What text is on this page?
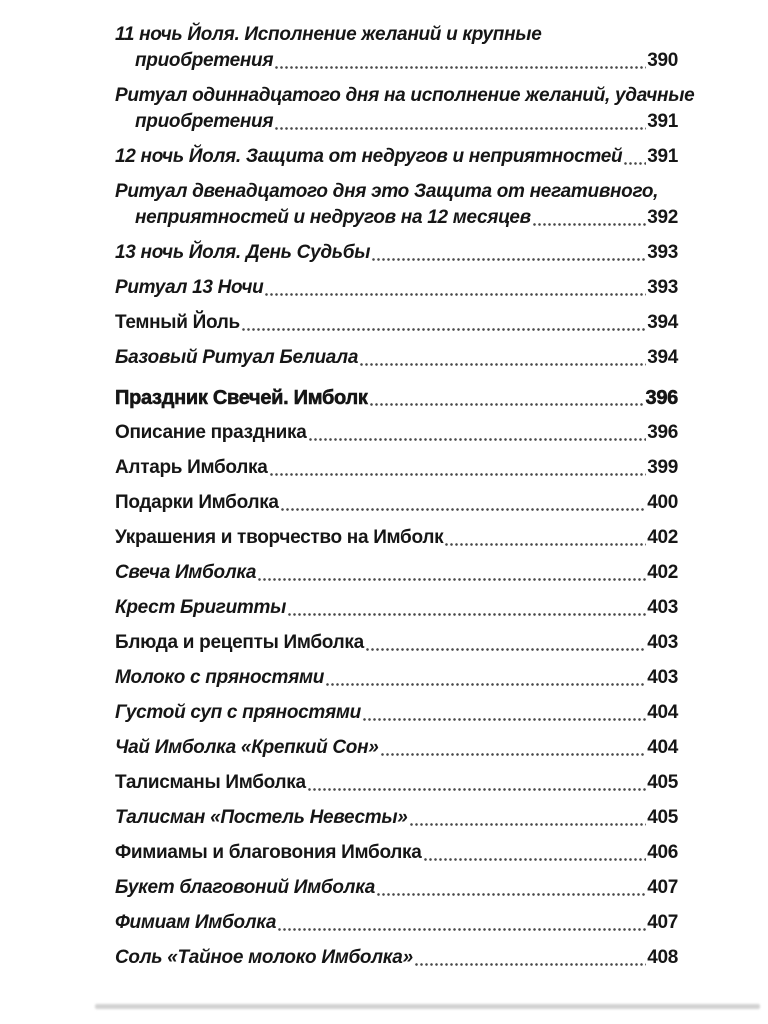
11 ночь Йоля. Исполнение желаний и крупные
приобретения	390
Ритуал одиннадцатого дня на исполнение желаний, удачные
приобретения	391
12 ночь Йоля. Защита от недругов и неприятностей 391
Ритуал двенадцатого дня это Защита от негативного,
неприятностей и недругов на 12 месяцев	392
13 ночь Йоля. День Судьбы	393
Ритуал 13 Ночи	393
Темный Йоль	394
Базовый Ритуал Белиала	394
Праздник Свечей. Имболк	396
Описание праздника	396
Алтарь Имболка	399
Подарки Имболка	400
Украшения и творчество на Имболк	402
Свеча Имболка	402
Крест Бригитты	403
Блюда и рецепты Имболка	403
Молоко с пряностями	403
Густой суп с пряностями	404
Чай Имболка «Крепкий Сон»	404
Талисманы Имболка	405
Талисман «Постель Невесты»	405
Фимиамы и благовония Имболка	406
Букет благовоний Имболка	407
Фимиам Имболка	407
Соль «Тайное молоко Имболка»	408
